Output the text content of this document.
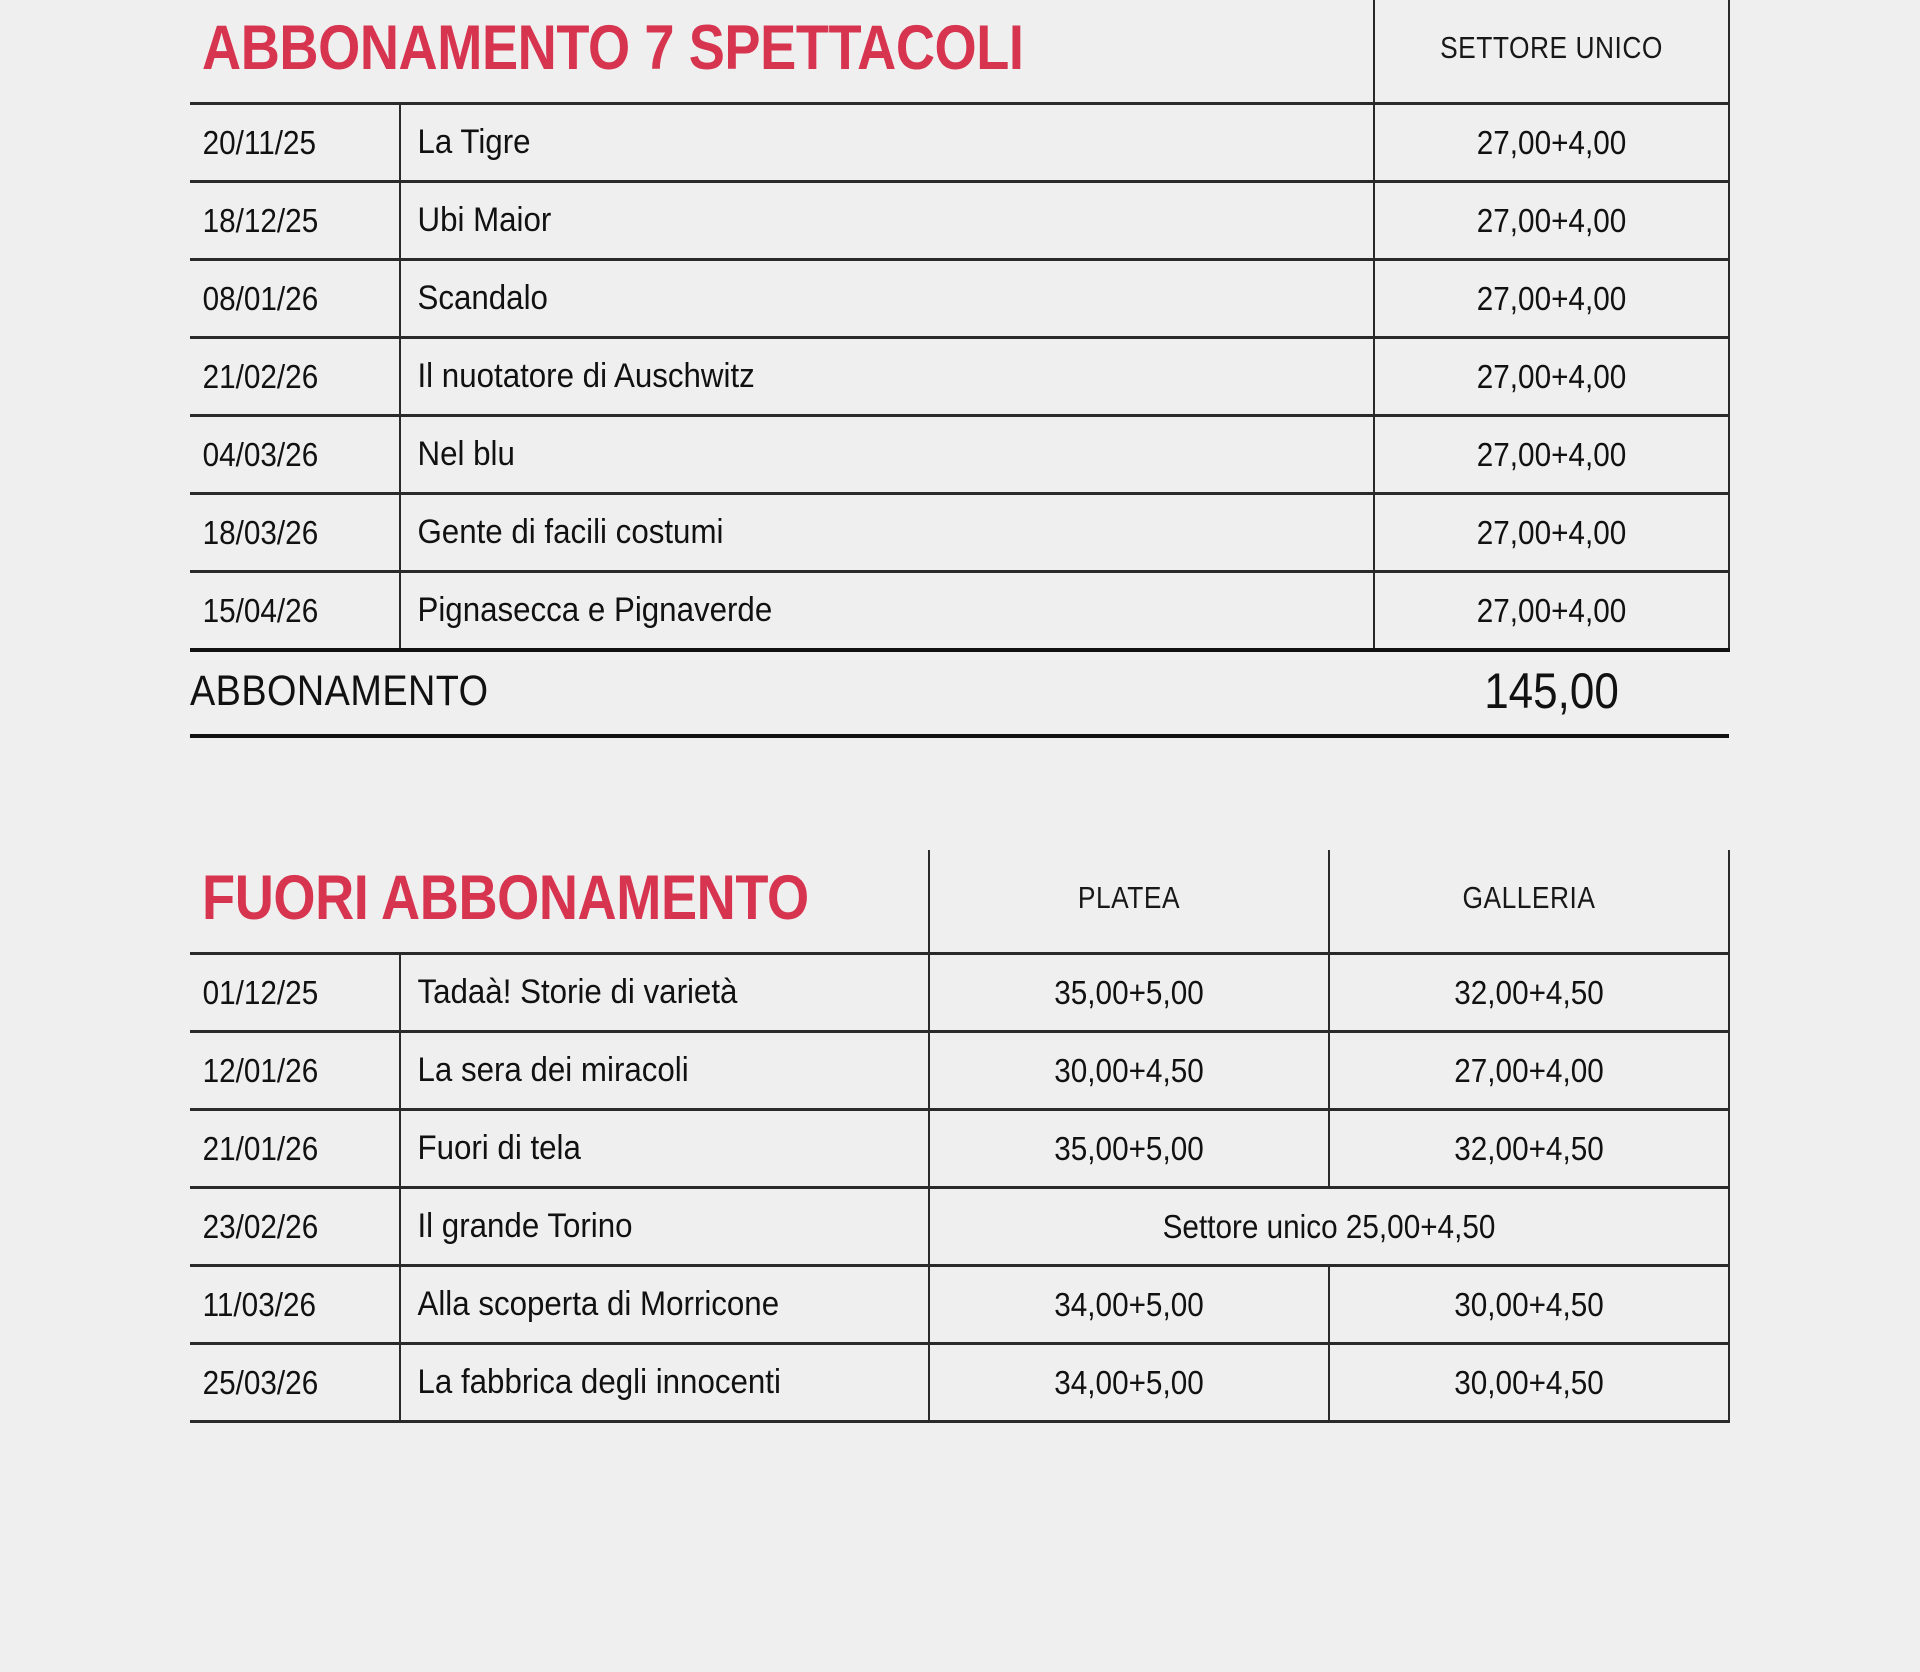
ABBONAMENTO 7 SPETTACOLI		SETTORE UNICO
20/11/25	La Tigre	27,00+4,00
18/12/25	Ubi Maior	27,00+4,00
08/01/26	Scandalo	27,00+4,00
21/02/26	Il nuotatore di Auschwitz	27,00+4,00
04/03/26	Nel blu	27,00+4,00
18/03/26	Gente di facili costumi	27,00+4,00
15/04/26	Pignasecca e Pignaverde	27,00+4,00
ABBONAMENTO		145,00
FUORI ABBONAMENTO		PLATEA	GALLERIA
01/12/25	Tadaà! Storie di varietà	35,00+5,00	32,00+4,50
12/01/26	La sera dei miracoli	30,00+4,50	27,00+4,00
21/01/26	Fuori di tela	35,00+5,00	32,00+4,50
23/02/26	Il grande Torino	Settore unico 25,00+4,50	
11/03/26	Alla scoperta di Morricone	34,00+5,00	30,00+4,50
25/03/26	La fabbrica degli innocenti	34,00+5,00	30,00+4,50
